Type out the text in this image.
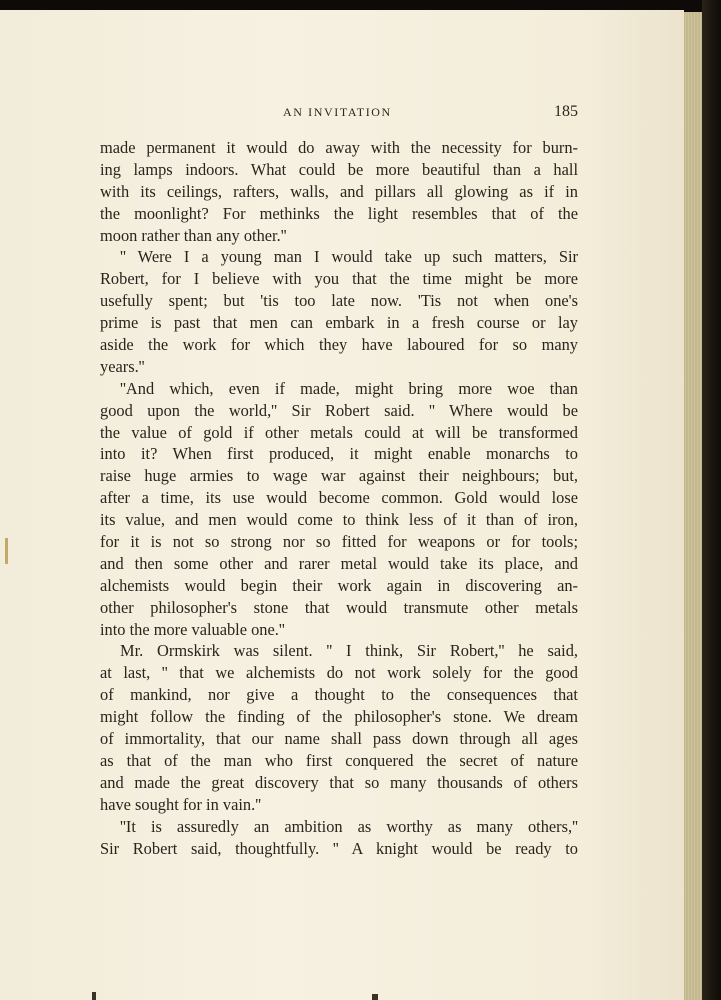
AN INVITATION	185
made permanent it would do away with the necessity for burn-
ing lamps indoors. What could be more beautiful than a hall
with its ceilings, rafters, walls, and pillars all glowing as if in
the moonlight? For methinks the light resembles that of the
moon rather than any other.''
'' Were I a young man I would take up such matters, Sir
Robert, for I believe with you that the time might be more
usefully spent; but 'tis too late now. 'Tis not when one's
prime is past that men can embark in a fresh course or lay
aside the work for which they have laboured for so many
years.''
''And which, even if made, might bring more woe than
good upon the world,'' Sir Robert said. '' Where would be
the value of gold if other metals could at will be transformed
into it? When first produced, it might enable monarchs to
raise huge armies to wage war against their neighbours; but,
after a time, its use would become common. Gold would lose
its value, and men would come to think less of it than of iron,
for it is not so strong nor so fitted for weapons or for tools;
and then some other and rarer metal would take its place, and
alchemists would begin their work again in discovering an-
other philosopher's stone that would transmute other metals
into the more valuable one.''
Mr. Ormskirk was silent. '' I think, Sir Robert,'' he said,
at last, '' that we alchemists do not work solely for the good
of mankind, nor give a thought to the consequences that
might follow the finding of the philosopher's stone. We dream
of immortality, that our name shall pass down through all ages
as that of the man who first conquered the secret of nature
and made the great discovery that so many thousands of others
have sought for in vain.''
''It is assuredly an ambition as worthy as many others,''
Sir Robert said, thoughtfully. '' A knight would be ready to
